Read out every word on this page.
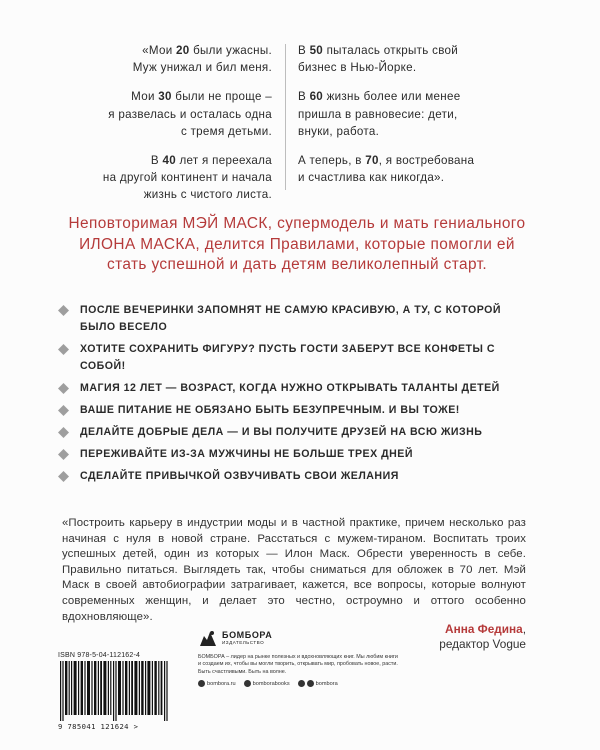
«Мои 20 были ужасны.
Муж унижал и бил меня.

Мои 30 были не проще –
я развелась и осталась одна
с тремя детьми.

В 40 лет я переехала
на другой континент и начала
жизнь с чистого листа.

В 50 пыталась открыть свой
бизнес в Нью-Йорке.

В 60 жизнь более или менее
пришла в равновесие: дети,
внуки, работа.

А теперь, в 70, я востребована
и счастлива как никогда».

Неповторимая МЭЙ МАСК, супермодель и мать гениального ИЛОНА МАСКА, делится Правилами, которые помогли ей стать успешной и дать детям великолепный старт.
ПОСЛЕ ВЕЧЕРИНКИ ЗАПОМНЯТ НЕ САМУЮ КРАСИВУЮ, А ТУ, С КОТОРОЙ БЫЛО ВЕСЕЛО
ХОТИТЕ СОХРАНИТЬ ФИГУРУ? ПУСТЬ ГОСТИ ЗАБЕРУТ ВСЕ КОНФЕТЫ С СОБОЙ!
МАГИЯ 12 ЛЕТ — ВОЗРАСТ, КОГДА НУЖНО ОТКРЫВАТЬ ТАЛАНТЫ ДЕТЕЙ
ВАШЕ ПИТАНИЕ НЕ ОБЯЗАНО БЫТЬ БЕЗУПРЕЧНЫМ. И ВЫ ТОЖЕ!
ДЕЛАЙТЕ ДОБРЫЕ ДЕЛА — И ВЫ ПОЛУЧИТЕ ДРУЗЕЙ НА ВСЮ ЖИЗНЬ
ПЕРЕЖИВАЙТЕ ИЗ-ЗА МУЖЧИНЫ НЕ БОЛЬШЕ ТРЕХ ДНЕЙ
СДЕЛАЙТЕ ПРИВЫЧКОЙ ОЗВУЧИВАТЬ СВОИ ЖЕЛАНИЯ
«Построить карьеру в индустрии моды и в частной практике, причем несколько раз начиная с нуля в новой стране. Расстаться с мужем-тираном. Воспитать троих успешных детей, один из которых — Илон Маск. Обрести уверенность в себе. Правильно питаться. Выглядеть так, чтобы сниматься для обложек в 70 лет. Мэй Маск в своей автобиографии затрагивает, кажется, все вопросы, которые волнуют современных женщин, и делает это честно, остроумно и оттого особенно вдохновляюще».
Анна Федина,
редактор Vogue
ISBN 978-5-04-112162-4
9 785041 121624 >
БОМБОРА
ИЗДАТЕЛЬСТВО
БОМБОРА – лидер на рынке полезных и вдохновляющих книг. Мы любим книги и создаем их, чтобы вы могли творить, открывать мир, пробовать новое, расти. Быть счастливыми. Быть на волне.
bombora.ru	bomborabooks	bombora
